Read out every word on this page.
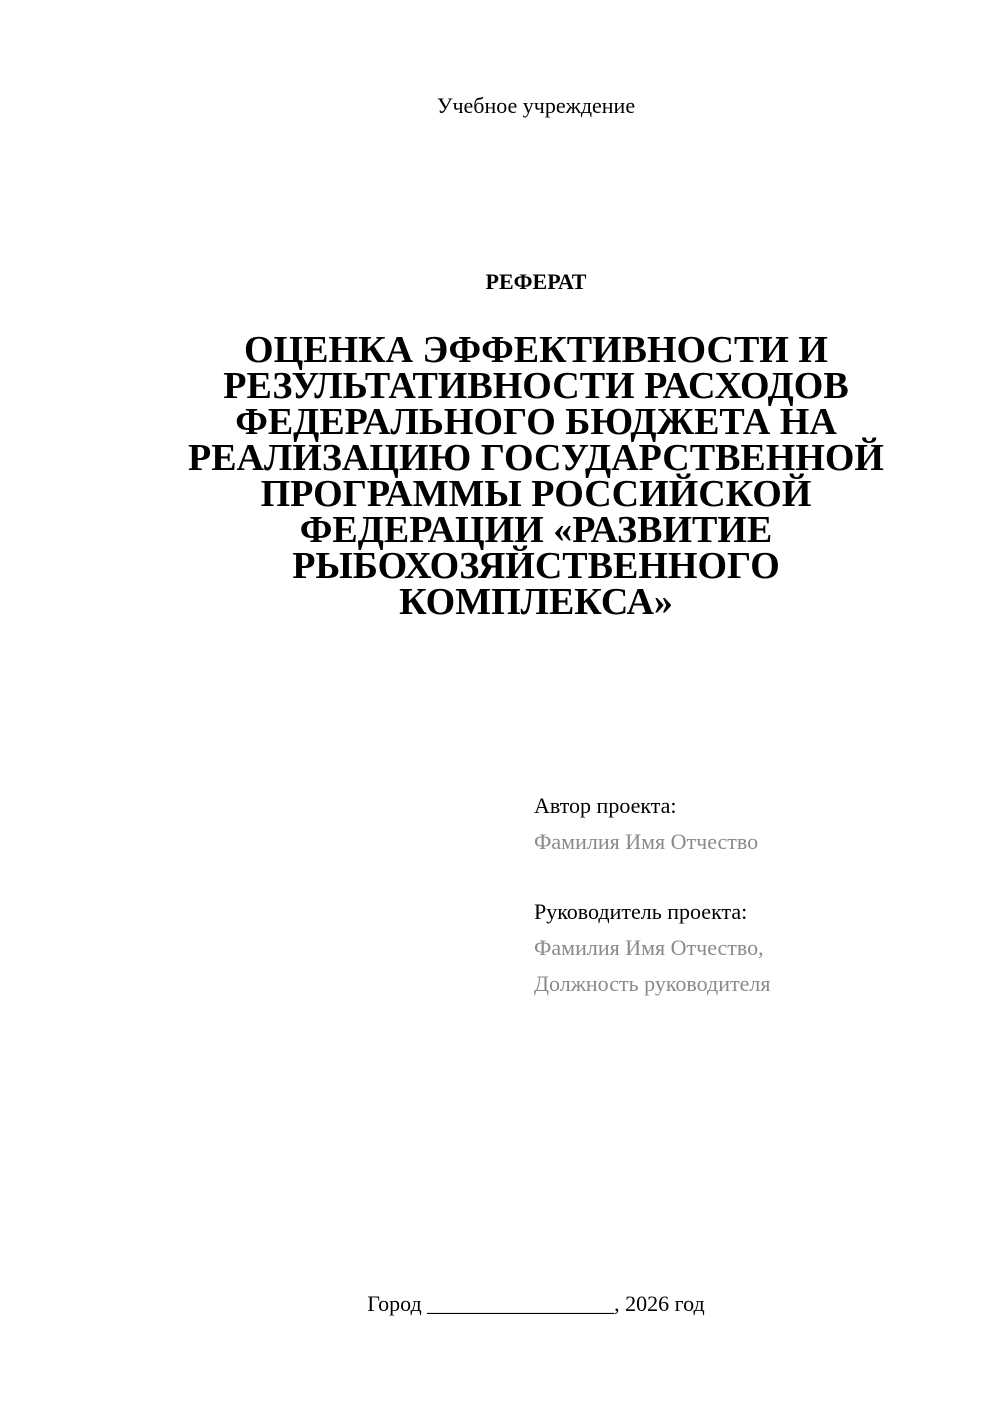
Учебное учреждение
РЕФЕРАТ
ОЦЕНКА ЭФФЕКТИВНОСТИ И
РЕЗУЛЬТАТИВНОСТИ РАСХОДОВ
ФЕДЕРАЛЬНОГО БЮДЖЕТА НА
РЕАЛИЗАЦИЮ ГОСУДАРСТВЕННОЙ
ПРОГРАММЫ РОССИЙСКОЙ
ФЕДЕРАЦИИ «РАЗВИТИЕ
РЫБОХОЗЯЙСТВЕННОГО
КОМПЛЕКСА»
Автор проекта:
Фамилия Имя Отчество
Руководитель проекта:
Фамилия Имя Отчество,
Должность руководителя
Город _________________, 2026 год
